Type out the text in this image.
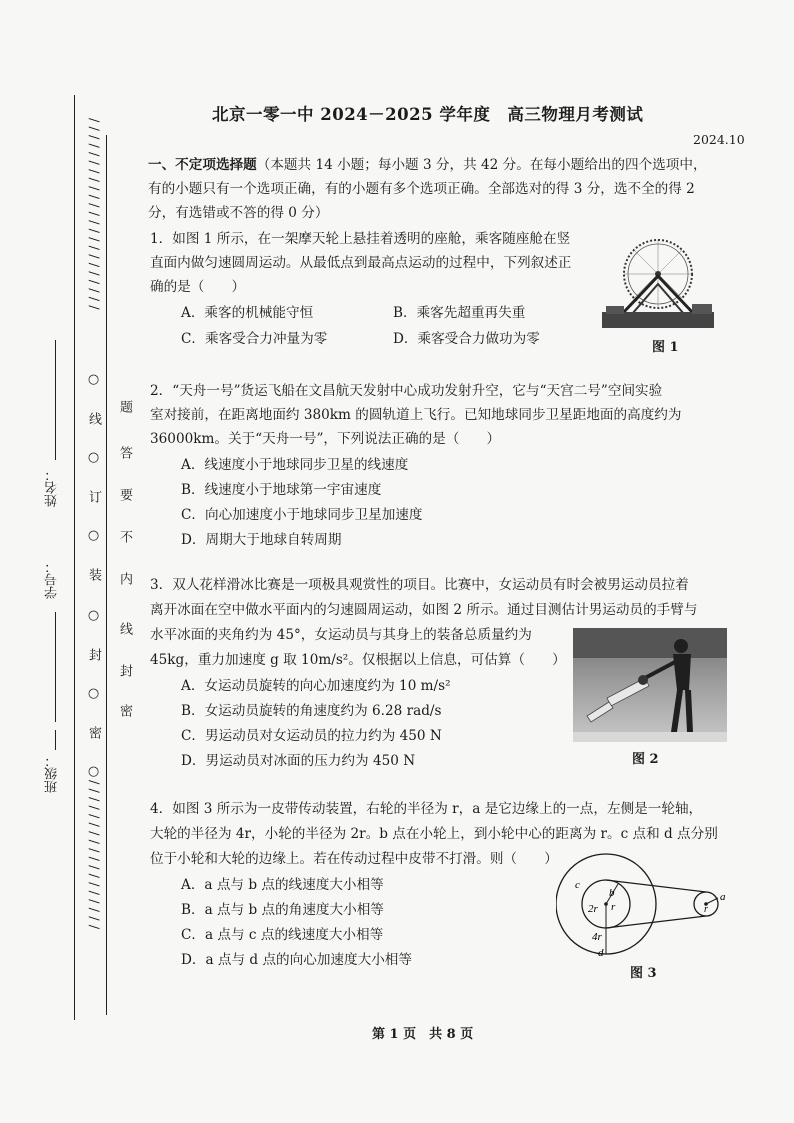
/ / / / / / / / / / / / / / / / / / / / / / /
○
线
○
订
○
装
○
封
○
密
○
/ / / / / / / / / / / / / / / / / /
题
答
要
不
内
线
封
密
姓名：
学号：
班级：
北京一零一中 2024－2025 学年度　高三物理月考测试
2024.10
一、不定项选择题（本题共 14 小题；每小题 3 分，共 42 分。在每小题给出的四个选项中，
有的小题只有一个选项正确，有的小题有多个选项正确。全部选对的得 3 分，选不全的得 2
分，有选错或不答的得 0 分）
1．如图 1 所示，在一架摩天轮上悬挂着透明的座舱，乘客随座舱在竖
直面内做匀速圆周运动。从最低点到最高点运动的过程中，下列叙述正
确的是（　　）
A．乘客的机械能守恒	B．乘客先超重再失重
C．乘客受合力冲量为零	D．乘客受合力做功为零
图 1
2．“天舟一号”货运飞船在文昌航天发射中心成功发射升空，它与“天宫二号”空间实验
室对接前，在距离地面约 380km 的圆轨道上飞行。已知地球同步卫星距地面的高度约为
36000km。关于“天舟一号”，下列说法正确的是（　　）
A．线速度小于地球同步卫星的线速度
B．线速度小于地球第一宇宙速度
C．向心加速度小于地球同步卫星加速度
D．周期大于地球自转周期
3．双人花样滑冰比赛是一项极具观赏性的项目。比赛中，女运动员有时会被男运动员拉着
离开冰面在空中做水平面内的匀速圆周运动，如图 2 所示。通过目测估计男运动员的手臂与
水平冰面的夹角约为 45°，女运动员与其身上的装备总质量约为
45kg，重力加速度 g 取 10m/s²。仅根据以上信息，可估算（　　）
A．女运动员旋转的向心加速度约为 10 m/s²
B．女运动员旋转的角速度约为 6.28 rad/s
C．男运动员对女运动员的拉力约为 450 N
D．男运动员对冰面的压力约为 450 N	图 2
4．如图 3 所示为一皮带传动装置，右轮的半径为 r，a 是它边缘上的一点，左侧是一轮轴，
大轮的半径为 4r，小轮的半径为 2r。b 点在小轮上，到小轮中心的距离为 r。c 点和 d 点分别
位于小轮和大轮的边缘上。若在传动过程中皮带不打滑。则（　　）
A．a 点与 b 点的线速度大小相等
B．a 点与 b 点的角速度大小相等
C．a 点与 c 点的线速度大小相等
D．a 点与 d 点的向心加速度大小相等
c
b
r
2r
4r
d
a
r
图 3
第 1 页　共 8 页
